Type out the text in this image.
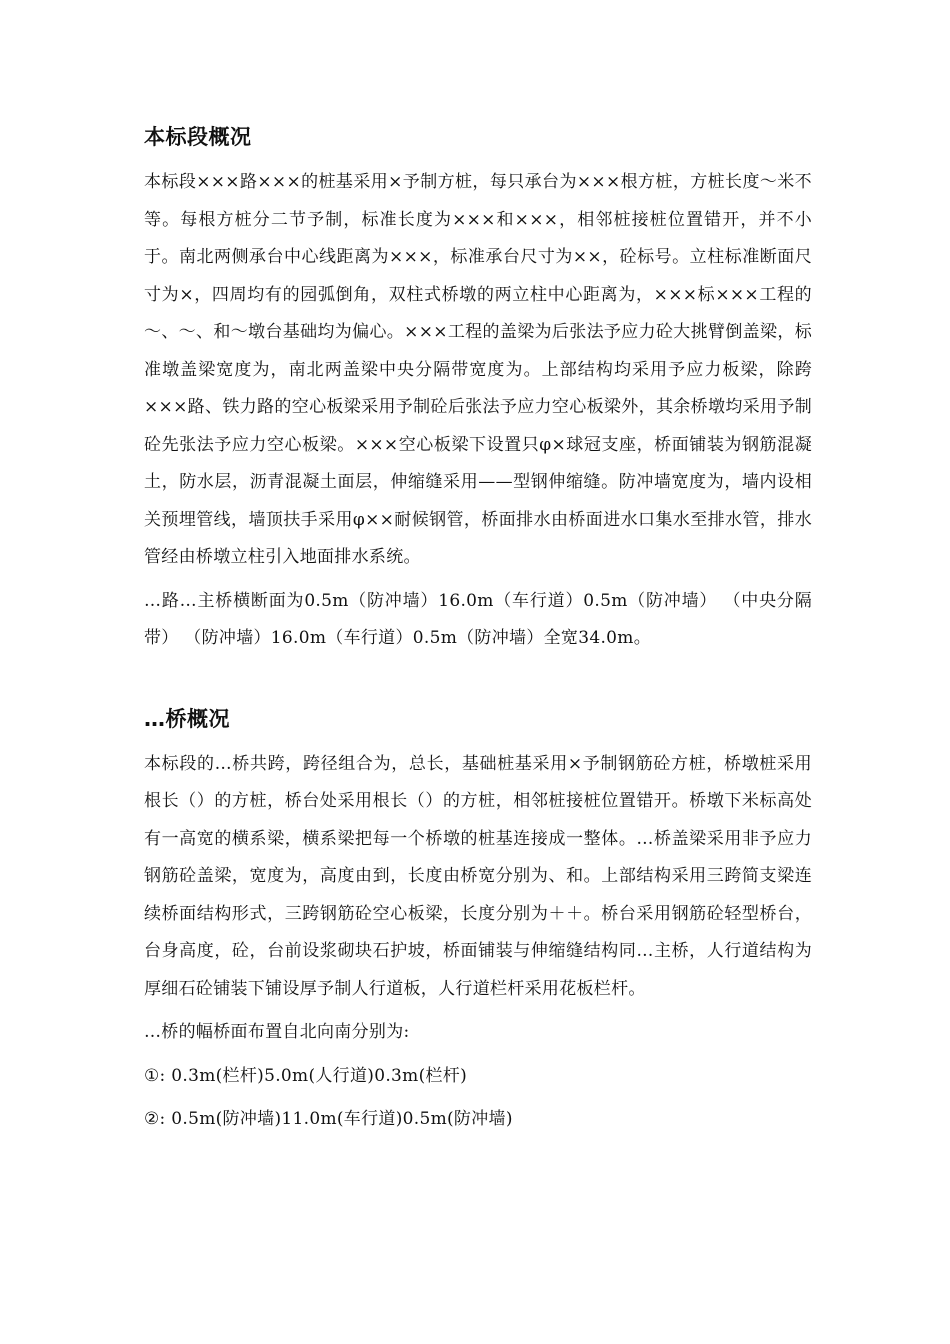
本标段概况

本标段×××路×××的桩基采用×予制方桩，每只承台为×××根方桩，方桩长度～米不等。每根方桩分二节予制，标准长度为×××和×××，相邻桩接桩位置错开，并不小于。南北两侧承台中心线距离为×××，标准承台尺寸为××，砼标号。立柱标准断面尺寸为×，四周均有的园弧倒角，双柱式桥墩的两立柱中心距离为，×××标×××工程的～、～、和～墩台基础均为偏心。×××工程的盖梁为后张法予应力砼大挑臂倒盖梁，标准墩盖梁宽度为，南北两盖梁中央分隔带宽度为。上部结构均采用予应力板梁，除跨×××路、铁力路的空心板梁采用予制砼后张法予应力空心板梁外，其余桥墩均采用予制砼先张法予应力空心板梁。×××空心板梁下设置只φ×球冠支座，桥面铺装为钢筋混凝土，防水层，沥青混凝土面层，伸缩缝采用——型钢伸缩缝。防冲墙宽度为，墙内设相关预埋管线，墙顶扶手采用φ××耐候钢管，桥面排水由桥面进水口集水至排水管，排水管经由桥墩立柱引入地面排水系统。

…路…主桥横断面为0.5m（防冲墙）16.0m（车行道）0.5m（防冲墙） （中央分隔带） （防冲墙）16.0m（车行道）0.5m（防冲墙）全宽34.0m。

…桥概况

本标段的…桥共跨，跨径组合为，总长，基础桩基采用×予制钢筋砼方桩，桥墩桩采用根长（）的方桩，桥台处采用根长（）的方桩，相邻桩接桩位置错开。桥墩下米标高处有一高宽的横系梁，横系梁把每一个桥墩的桩基连接成一整体。…桥盖梁采用非予应力钢筋砼盖梁，宽度为，高度由到，长度由桥宽分别为、和。上部结构采用三跨简支梁连续桥面结构形式，三跨钢筋砼空心板梁，长度分别为＋＋。桥台采用钢筋砼轻型桥台，台身高度，砼，台前设浆砌块石护坡，桥面铺装与伸缩缝结构同…主桥，人行道结构为厚细石砼铺装下铺设厚予制人行道板，人行道栏杆采用花板栏杆。

…桥的幅桥面布置自北向南分别为:

①: 0.3m(栏杆)5.0m(人行道)0.3m(栏杆)

②: 0.5m(防冲墙)11.0m(车行道)0.5m(防冲墙)
